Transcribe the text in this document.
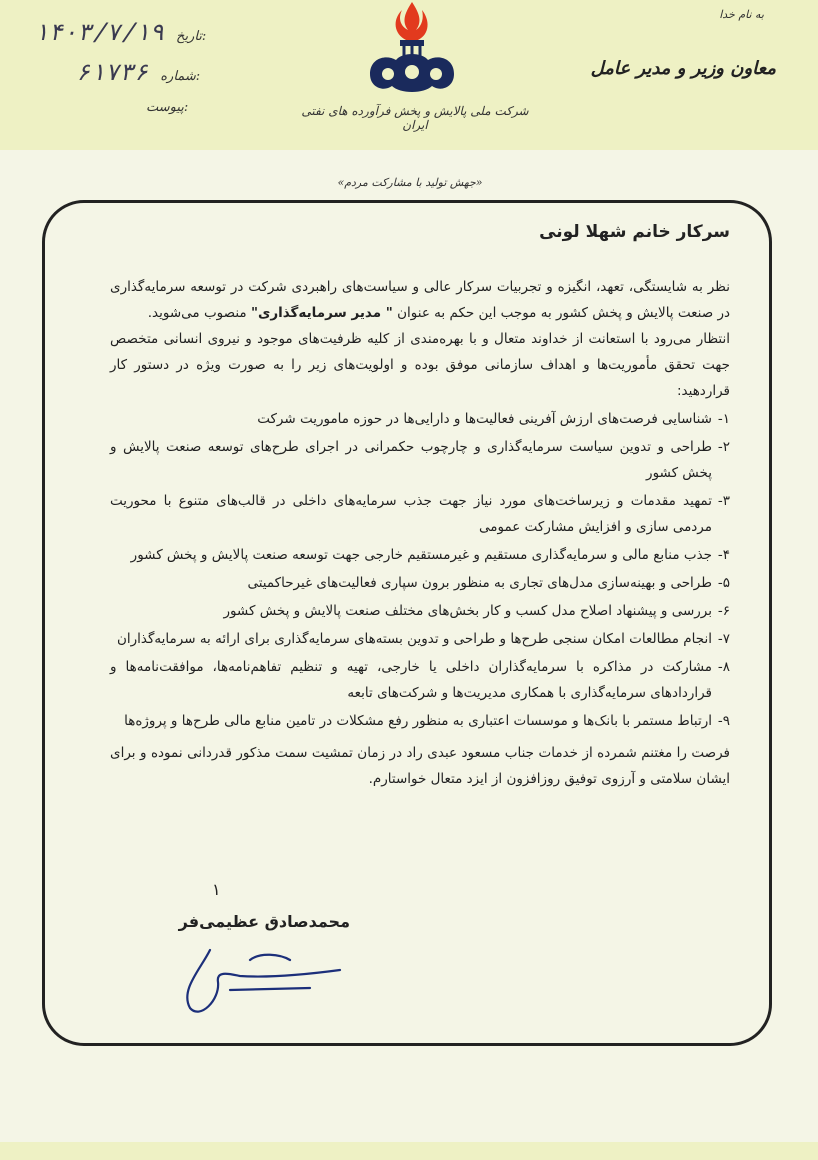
به نام خدا
معاون وزیر و مدیر عامل
۱۴۰۳/۷/۱۹ تاریخ:
۶۱۷۳۶ شماره:
پیوست:	شرکت ملی پالایش و پخش فرآورده های نفتی ایران
«جهش تولید با مشارکت مردم»

سرکار خانم شهلا لونی

نظر به شایستگی، تعهد، انگیزه و تجربیات سرکار عالی و سیاست‌های راهبردی شرکت در توسعه سرمایه‌گذاری در صنعت پالایش و پخش کشور به موجب این حکم به عنوان " مدیر سرمایه‌گذاری" منصوب می‌شوید.

انتظار می‌رود با استعانت از خداوند متعال و با بهره‌مندی از کلیه ظرفیت‌های موجود و نیروی انسانی متخصص جهت تحقق مأموریت‌ها و اهداف سازمانی موفق بوده و اولویت‌های زیر را به صورت ویژه در دستور کار قراردهید:

۱-
شناسایی فرصت‌های ارزش آفرینی فعالیت‌ها و دارایی‌ها در حوزه ماموریت شرکت
۲-
طراحی و تدوین سیاست سرمایه‌گذاری و چارچوب حکمرانی در اجرای طرح‌های توسعه صنعت پالایش و پخش کشور
۳-
تمهید مقدمات و زیرساخت‌های مورد نیاز جهت جذب سرمایه‌های داخلی در قالب‌های متنوع با محوریت مردمی سازی و افزایش مشارکت عمومی
۴-
جذب منابع مالی و سرمایه‌گذاری مستقیم و غیرمستقیم خارجی جهت توسعه صنعت پالایش و پخش کشور
۵-
طراحی و بهینه‌سازی مدل‌های تجاری به منظور برون سپاری فعالیت‌های غیرحاکمیتی
۶-
بررسی و پیشنهاد اصلاح مدل کسب و کار بخش‌های مختلف صنعت پالایش و پخش کشور
۷-
انجام مطالعات امکان سنجی طرح‌ها و طراحی و تدوین بسته‌های سرمایه‌گذاری برای ارائه به سرمایه‌گذاران
۸-
مشارکت در مذاکره با سرمایه‌گذاران داخلی یا خارجی، تهیه و تنظیم تفاهم‌نامه‌ها، موافقت‌نامه‌ها و قراردادهای سرمایه‌گذاری با همکاری مدیریت‌ها و شرکت‌های تابعه
۹-
ارتباط مستمر با بانک‌ها و موسسات اعتباری به منظور رفع مشکلات در تامین منابع مالی طرح‌ها و پروژه‌ها

فرصت را مغتنم شمرده از خدمات جناب مسعود عبدی راد در زمان تمشیت سمت مذکور قدردانی نموده و برای ایشان سلامتی و آرزوی توفیق روزافزون از ایزد متعال خواستارم.

۱
محمدصادق عظیمی‌فر
